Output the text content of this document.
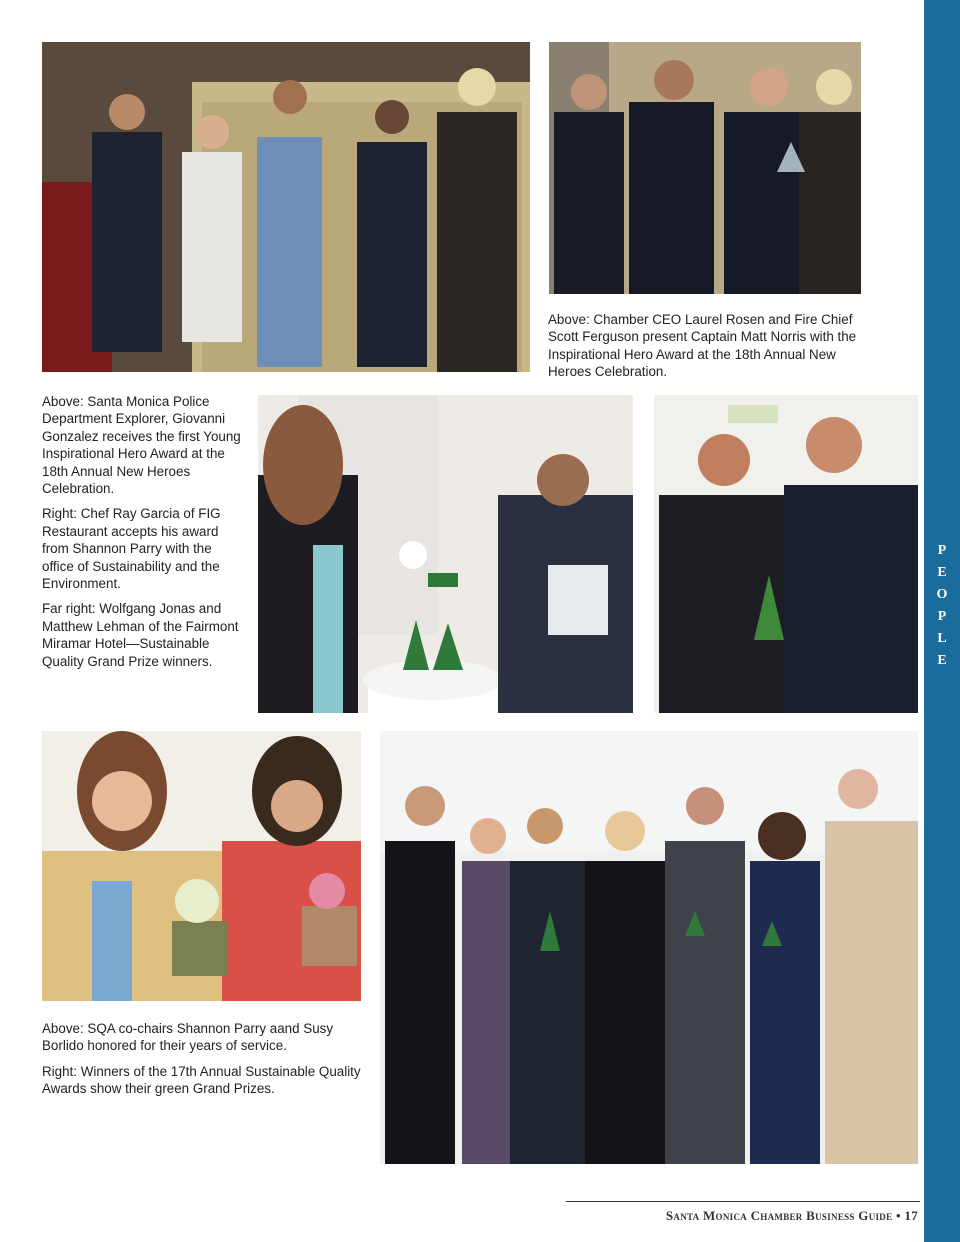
Above: Chamber CEO Laurel Rosen and Fire Chief Scott Ferguson present Captain Matt Norris with the Inspirational Hero Award at the 18th Annual New Heroes Celebration.

Above: Santa Monica Police Department Explorer, Giovanni Gonzalez receives the first Young Inspirational Hero Award at the 18th Annual New Heroes Celebration.

Right: Chef Ray Garcia of FIG Restaurant accepts his award from Shannon Parry with the office of Sustainability and the Environment.

Far right: Wolfgang Jonas and Matthew Lehman of the Fairmont Miramar Hotel—Sustainable Quality Grand Prize winners.

Above: SQA co-chairs Shannon Parry aand Susy Borlido honored for their years of service.

Right: Winners of the 17th Annual Sustainable Quality Awards show their green Grand Prizes.

P
E
O
P
L
E
Santa Monica Chamber Business Guide • 17
